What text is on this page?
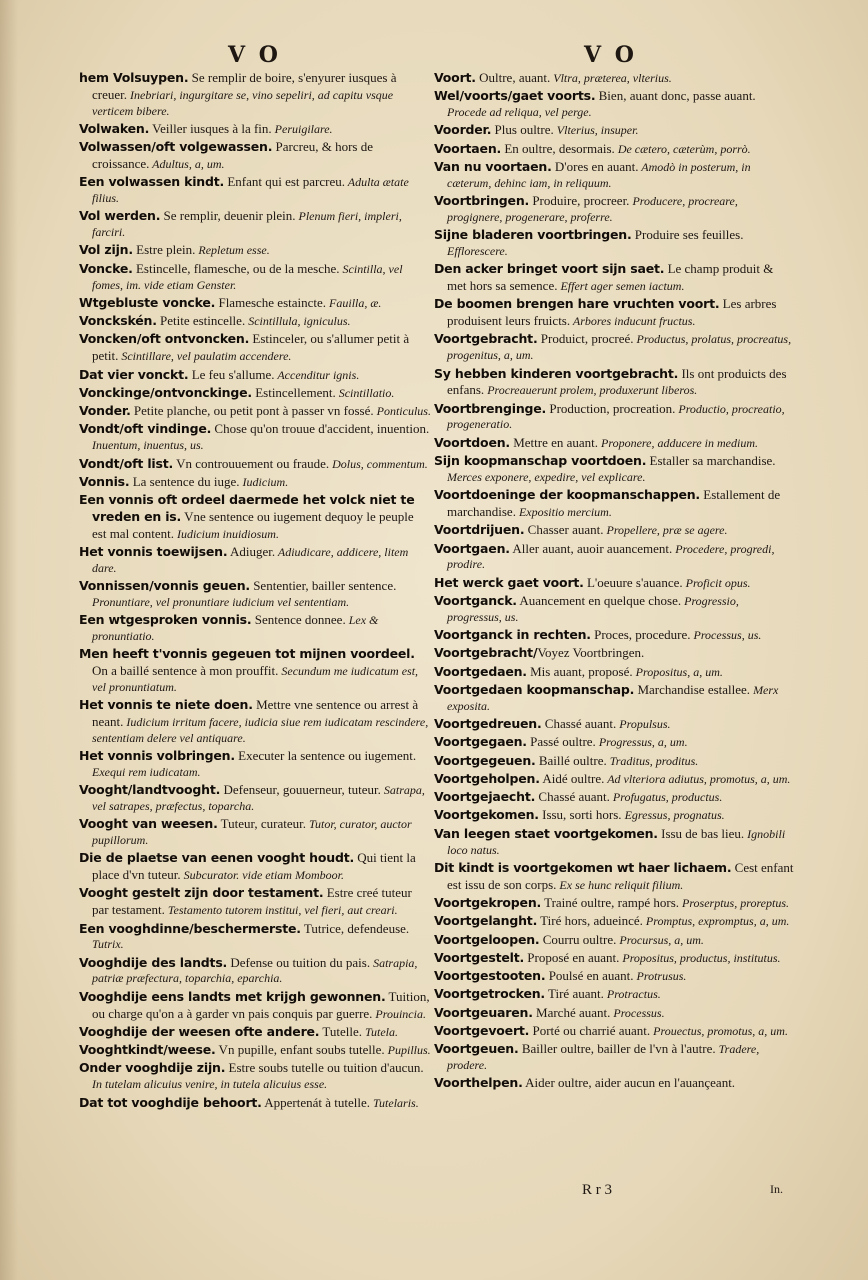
V O	V O

hem Volsuypen. Se remplir de boire, s'enyurer iusques à creuer. Inebriari, ingurgitare se, vino sepeliri, ad capitu vsque verticem bibere.

Volwaken. Veiller iusques à la fin. Peruigilare.

Volwassen/oft volgewassen. Parcreu, & hors de croissance. Adultus, a, um.

Een volwassen kindt. Enfant qui est parcreu. Adulta ætate filius.

Vol werden. Se remplir, deuenir plein. Plenum fieri, impleri, farciri.

Vol zijn. Estre plein. Repletum esse.

Voncke. Estincelle, flamesche, ou de la mesche. Scintilla, vel fomes, im. vide etiam Genster.

Wtgebluste voncke. Flamesche estaincte. Fauilla, æ.

Vonckskén. Petite estincelle. Scintillula, igniculus.

Voncken/oft ontvoncken. Estinceler, ou s'allumer petit à petit. Scintillare, vel paulatim accendere.

Dat vier vonckt. Le feu s'allume. Accenditur ignis.

Vonckinge/ontvonckinge. Estincellement. Scintillatio.

Vonder. Petite planche, ou petit pont à passer vn fossé. Ponticulus.

Vondt/oft vindinge. Chose qu'on trouue d'accident, inuention. Inuentum, inuentus, us.

Vondt/oft list. Vn controuuement ou fraude. Dolus, commentum.

Vonnis. La sentence du iuge. Iudicium.

Een vonnis oft ordeel daermede het volck niet te vreden en is. Vne sentence ou iugement dequoy le peuple est mal content. Iudicium inuidiosum.

Het vonnis toewijsen. Adiuger. Adiudicare, addicere, litem dare.

Vonnissen/vonnis geuen. Sententier, bailler sentence. Pronuntiare, vel pronuntiare iudicium vel sententiam.

Een wtgesproken vonnis. Sentence donnee. Lex & pronuntiatio.

Men heeft t'vonnis gegeuen tot mijnen voordeel. On a baillé sentence à mon prouffit. Secundum me iudicatum est, vel pronuntiatum.

Het vonnis te niete doen. Mettre vne sentence ou arrest à neant. Iudicium irritum facere, iudicia siue rem iudicatam rescindere, sententiam delere vel antiquare.

Het vonnis volbringen. Executer la sentence ou iugement. Exequi rem iudicatam.

Vooght/landtvooght. Defenseur, gouuerneur, tuteur. Satrapa, vel satrapes, præfectus, toparcha.

Vooght van weesen. Tuteur, curateur. Tutor, curator, auctor pupillorum.

Die de plaetse van eenen vooght houdt. Qui tient la place d'vn tuteur. Subcurator. vide etiam Momboor.

Vooght gestelt zijn door testament. Estre creé tuteur par testament. Testamento tutorem institui, vel fieri, aut creari.

Een vooghdinne/beschermerste. Tutrice, defendeuse. Tutrix.

Vooghdije des landts. Defense ou tuition du pais. Satrapia, patriæ præfectura, toparchia, eparchia.

Vooghdije eens landts met krijgh gewonnen. Tuition, ou charge qu'on a à garder vn pais conquis par guerre. Prouincia.

Vooghdije der weesen ofte andere. Tutelle. Tutela.

Vooghtkindt/weese. Vn pupille, enfant soubs tutelle. Pupillus.

Onder vooghdije zijn. Estre soubs tutelle ou tuition d'aucun. In tutelam alicuius venire, in tutela alicuius esse.

Dat tot vooghdije behoort. Appertenát à tutelle. Tutelaris.

Voort. Oultre, auant. Vltra, præterea, vlterius.

Wel/voorts/gaet voorts. Bien, auant donc, passe auant. Procede ad reliqua, vel perge.

Voorder. Plus oultre. Vlterius, insuper.

Voortaen. En oultre, desormais. De cætero, cæterùm, porrò.

Van nu voortaen. D'ores en auant. Amodò in posterum, in cæterum, dehinc iam, in reliquum.

Voortbringen. Produire, procreer. Producere, procreare, progignere, progenerare, proferre.

Sijne bladeren voortbringen. Produire ses feuilles. Efflorescere.

Den acker bringet voort sijn saet. Le champ produit & met hors sa semence. Effert ager semen iactum.

De boomen brengen hare vruchten voort. Les arbres produisent leurs fruicts. Arbores inducunt fructus.

Voortgebracht. Produict, procreé. Productus, prolatus, procreatus, progenitus, a, um.

Sy hebben kinderen voortgebracht. Ils ont produicts des enfans. Procreauerunt prolem, produxerunt liberos.

Voortbrenginge. Production, procreation. Productio, procreatio, progeneratio.

Voortdoen. Mettre en auant. Proponere, adducere in medium.

Sijn koopmanschap voortdoen. Estaller sa marchandise. Merces exponere, expedire, vel explicare.

Voortdoeninge der koopmanschappen. Estallement de marchandise. Expositio mercium.

Voortdrijuen. Chasser auant. Propellere, præ se agere.

Voortgaen. Aller auant, auoir auancement. Procedere, progredi, prodire.

Het werck gaet voort. L'oeuure s'auance. Proficit opus.

Voortganck. Auancement en quelque chose. Progressio, progressus, us.

Voortganck in rechten. Proces, procedure. Processus, us.

Voortgebracht/Voyez Voortbringen.

Voortgedaen. Mis auant, proposé. Propositus, a, um.

Voortgedaen koopmanschap. Marchandise estallee. Merx exposita.

Voortgedreuen. Chassé auant. Propulsus.

Voortgegaen. Passé oultre. Progressus, a, um.

Voortgegeuen. Baillé oultre. Traditus, proditus.

Voortgeholpen. Aidé oultre. Ad vlteriora adiutus, promotus, a, um.

Voortgejaecht. Chassé auant. Profugatus, productus.

Voortgekomen. Issu, sorti hors. Egressus, prognatus.

Van leegen staet voortgekomen. Issu de bas lieu. Ignobili loco natus.

Dit kindt is voortgekomen wt haer lichaem. Cest enfant est issu de son corps. Ex se hunc reliquit filium.

Voortgekropen. Trainé oultre, rampé hors. Proserptus, proreptus.

Voortgelanght. Tiré hors, adueincé. Promptus, expromptus, a, um.

Voortgeloopen. Courru oultre. Procursus, a, um.

Voortgestelt. Proposé en auant. Propositus, productus, institutus.

Voortgestooten. Poulsé en auant. Protrusus.

Voortgetrocken. Tiré auant. Protractus.

Voortgeuaren. Marché auant. Processus.

Voortgevoert. Porté ou charrié auant. Prouectus, promotus, a, um.

Voortgeuen. Bailler oultre, bailler de l'vn à l'autre. Tradere, prodere.

Voorthelpen. Aider oultre, aider aucun en l'auançeant.

R r 3	In.
